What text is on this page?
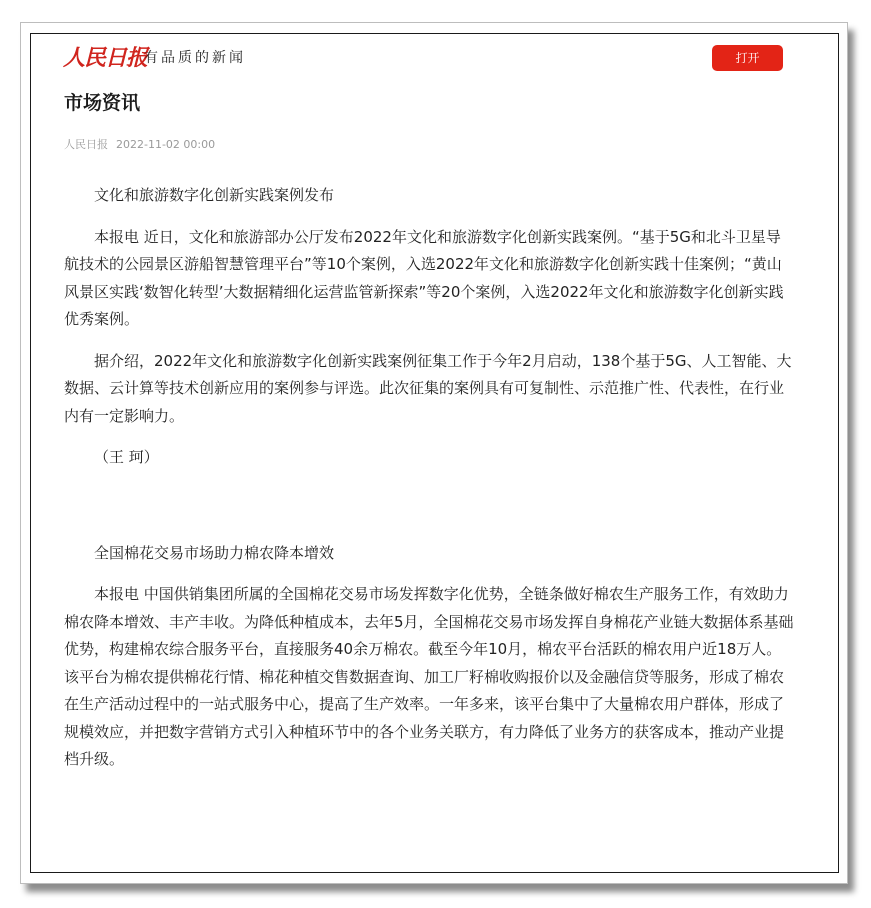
人民日报
有品质的新闻	打开
市场资讯
人民日报 2022-11-02 00:00

文化和旅游数字化创新实践案例发布

本报电 近日，文化和旅游部办公厅发布2022年文化和旅游数字化创新实践案例。“基于5G和北斗卫星导航技术的公园景区游船智慧管理平台”等10个案例，入选2022年文化和旅游数字化创新实践十佳案例；“黄山风景区实践‘数智化转型’大数据精细化运营监管新探索”等20个案例，入选2022年文化和旅游数字化创新实践优秀案例。

据介绍，2022年文化和旅游数字化创新实践案例征集工作于今年2月启动，138个基于5G、人工智能、大数据、云计算等技术创新应用的案例参与评选。此次征集的案例具有可复制性、示范推广性、代表性，在行业内有一定影响力。

（王 珂）

全国棉花交易市场助力棉农降本增效

本报电 中国供销集团所属的全国棉花交易市场发挥数字化优势，全链条做好棉农生产服务工作，有效助力棉农降本增效、丰产丰收。为降低种植成本，去年5月，全国棉花交易市场发挥自身棉花产业链大数据体系基础优势，构建棉农综合服务平台，直接服务40余万棉农。截至今年10月，棉农平台活跃的棉农用户近18万人。该平台为棉农提供棉花行情、棉花种植交售数据查询、加工厂籽棉收购报价以及金融信贷等服务，形成了棉农在生产活动过程中的一站式服务中心，提高了生产效率。一年多来，该平台集中了大量棉农用户群体，形成了规模效应，并把数字营销方式引入种植环节中的各个业务关联方，有力降低了业务方的获客成本，推动产业提档升级。
